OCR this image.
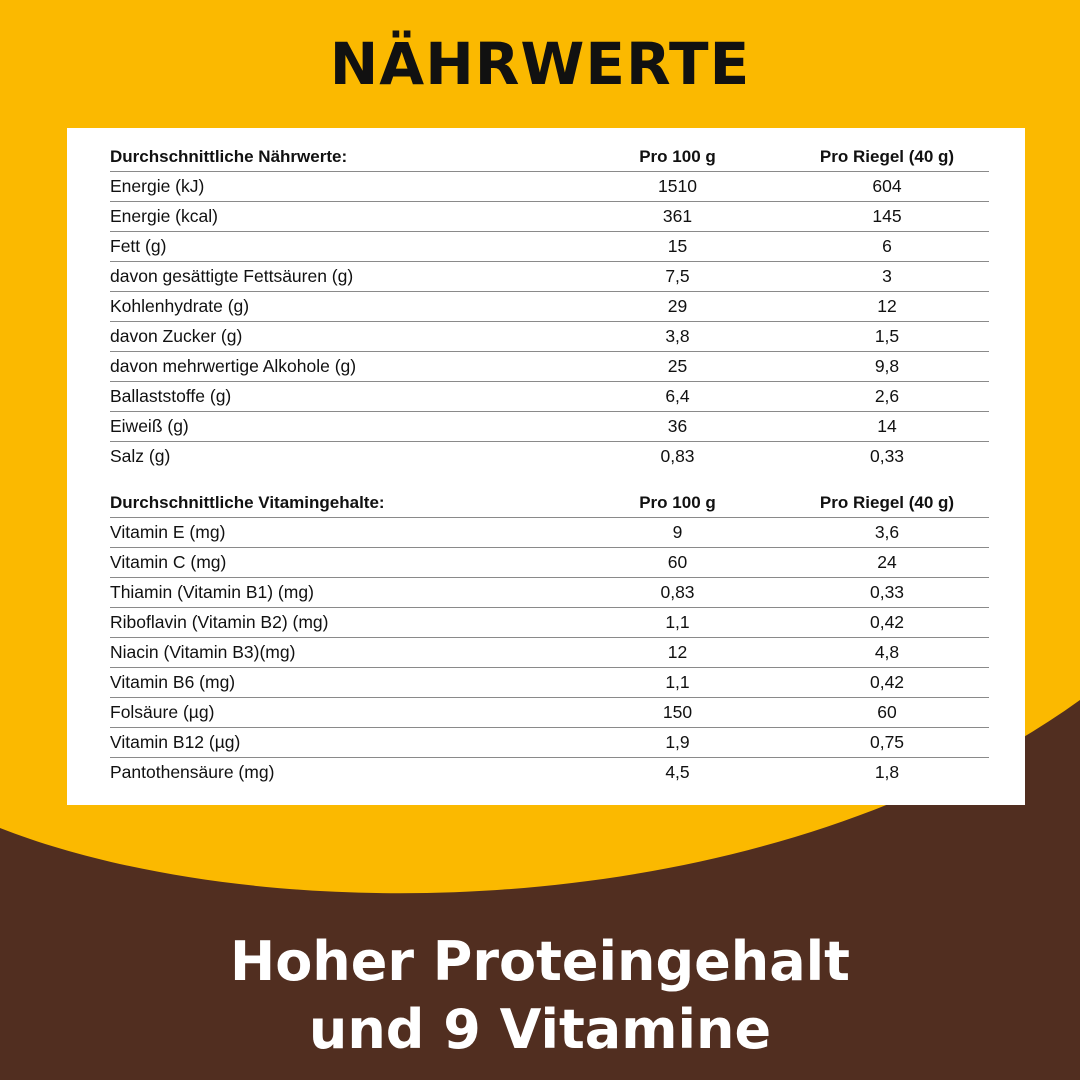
NÄHRWERTE
Durchschnittliche Nährwerte:	Pro 100 g	Pro Riegel (40 g)
Energie (kJ)	1510	604
Energie (kcal)	361	145
Fett (g)	15	6
davon gesättigte Fettsäuren (g)	7,5	3
Kohlenhydrate (g)	29	12
davon Zucker (g)	3,8	1,5
davon mehrwertige Alkohole (g)	25	9,8
Ballaststoffe (g)	6,4	2,6
Eiweiß (g)	36	14
Salz (g)	0,83	0,33
Durchschnittliche Vitamingehalte:	Pro 100 g	Pro Riegel (40 g)
Vitamin E (mg)	9	3,6
Vitamin C (mg)	60	24
Thiamin (Vitamin B1) (mg)	0,83	0,33
Riboflavin (Vitamin B2) (mg)	1,1	0,42
Niacin (Vitamin B3)(mg)	12	4,8
Vitamin B6 (mg)	1,1	0,42
Folsäure (µg)	150	60
Vitamin B12 (µg)	1,9	0,75
Pantothensäure (mg)	4,5	1,8
Hoher Proteingehalt
und 9 Vitamine
